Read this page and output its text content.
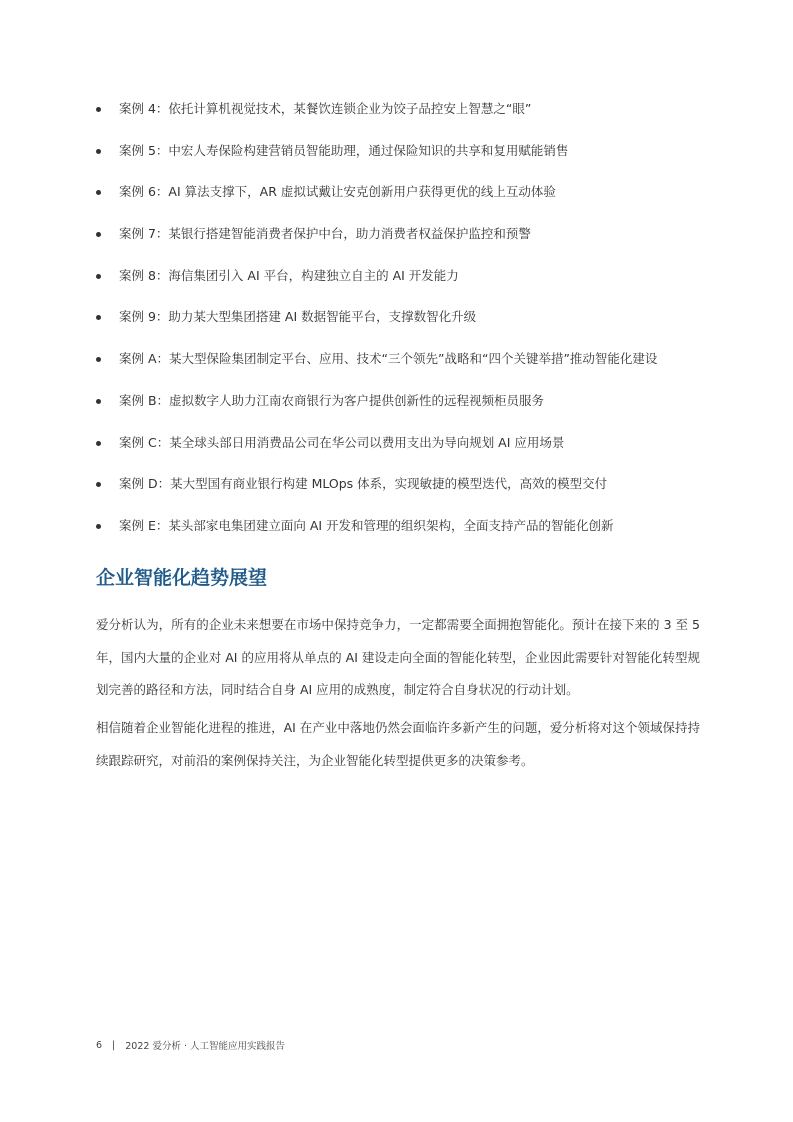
案例 4：依托计算机视觉技术，某餐饮连锁企业为饺子品控安上智慧之“眼”
案例 5：中宏人寿保险构建营销员智能助理，通过保险知识的共享和复用赋能销售
案例 6：AI 算法支撑下，AR 虚拟试戴让安克创新用户获得更优的线上互动体验
案例 7：某银行搭建智能消费者保护中台，助力消费者权益保护监控和预警
案例 8：海信集团引入 AI 平台，构建独立自主的 AI 开发能力
案例 9：助力某大型集团搭建 AI 数据智能平台，支撑数智化升级
案例 A：某大型保险集团制定平台、应用、技术“三个领先”战略和“四个关键举措”推动智能化建设
案例 B：虚拟数字人助力江南农商银行为客户提供创新性的远程视频柜员服务
案例 C：某全球头部日用消费品公司在华公司以费用支出为导向规划 AI 应用场景
案例 D：某大型国有商业银行构建 MLOps 体系，实现敏捷的模型迭代，高效的模型交付
案例 E：某头部家电集团建立面向 AI 开发和管理的组织架构，全面支持产品的智能化创新
企业智能化趋势展望

爱分析认为，所有的企业未来想要在市场中保持竞争力，一定都需要全面拥抱智能化。预计在接下来的 3 至 5 年，国内大量的企业对 AI 的应用将从单点的 AI 建设走向全面的智能化转型，企业因此需要针对智能化转型规划完善的路径和方法，同时结合自身 AI 应用的成熟度，制定符合自身状况的行动计划。

相信随着企业智能化进程的推进，AI 在产业中落地仍然会面临许多新产生的问题，爱分析将对这个领域保持持续跟踪研究，对前沿的案例保持关注，为企业智能化转型提供更多的决策参考。

6 | 2022 爱分析 · 人工智能应用实践报告
